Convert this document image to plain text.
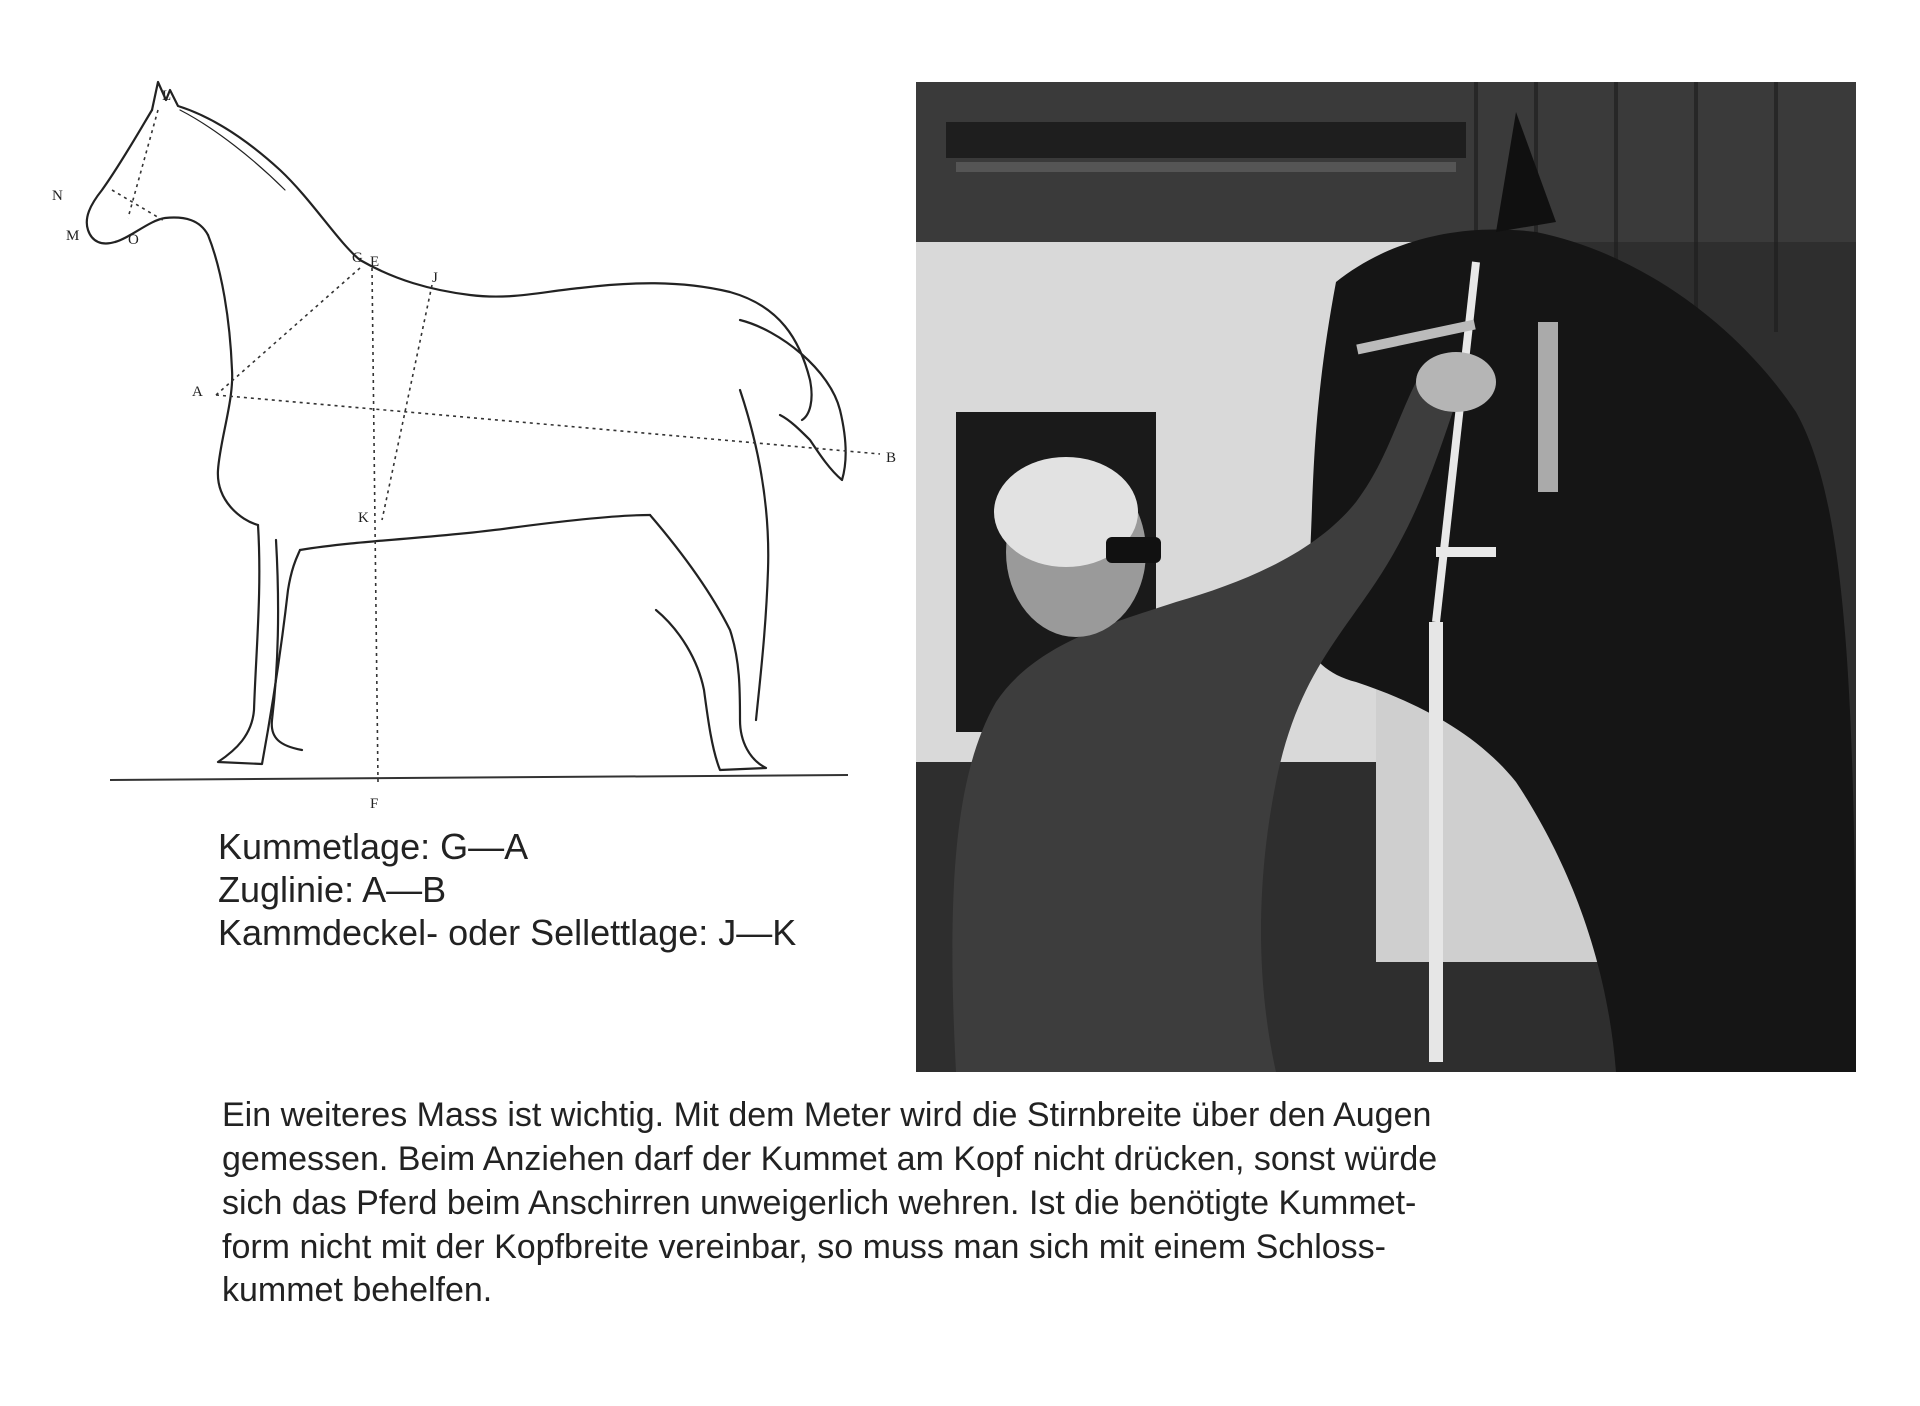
L
N
M	O
G E
J
A
B
K
F
Kummetlage: G—A
Zuglinie: A—B
Kammdeckel- oder Sellettlage: J—K

Ein weiteres Mass ist wichtig. Mit dem Meter wird die Stirnbreite über den Augen
gemessen. Beim Anziehen darf der Kummet am Kopf nicht drücken, sonst würde
sich das Pferd beim Anschirren unweigerlich wehren. Ist die benötigte Kummet-
form nicht mit der Kopfbreite vereinbar, so muss man sich mit einem Schloss-
kummet behelfen.
